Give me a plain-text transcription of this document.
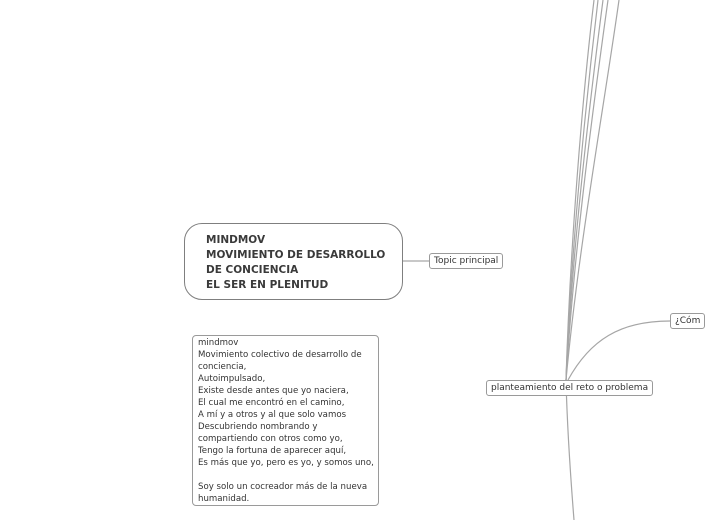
MINDMOV
MOVIMIENTO DE DESARROLLO
DE CONCIENCIA
EL SER EN PLENITUD
Topic principal
planteamiento del reto o problema
¿Cóm
mindmov
Movimiento colectivo de desarrollo de
conciencia,
Autoimpulsado,
Existe desde antes que yo naciera,
El cual me encontró en el camino,
A mí y a otros y al que solo vamos
Descubriendo nombrando y
compartiendo con otros como yo,
Tengo la fortuna de aparecer aquí,
Es más que yo, pero es yo, y somos uno,
Soy solo un cocreador más de la nueva
humanidad.
